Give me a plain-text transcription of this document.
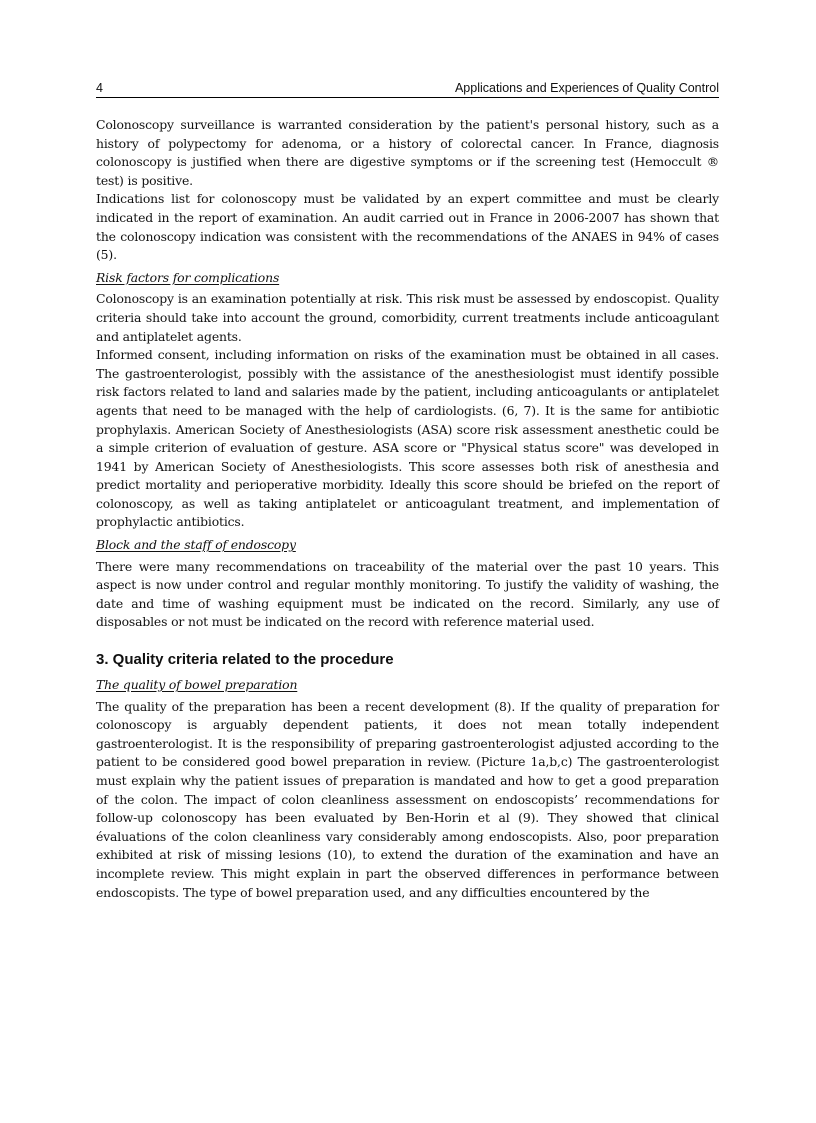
4	Applications and Experiences of Quality Control

Colonoscopy surveillance is warranted consideration by the patient's personal history, such as a history of polypectomy for adenoma, or a history of colorectal cancer. In France, diagnosis colonoscopy is justified when there are digestive symptoms or if the screening test (Hemoccult ® test) is positive.

Indications list for colonoscopy must be validated by an expert committee and must be clearly indicated in the report of examination. An audit carried out in France in 2006-2007 has shown that the colonoscopy indication was consistent with the recommendations of the ANAES in 94% of cases (5).

Risk factors for complications

Colonoscopy is an examination potentially at risk. This risk must be assessed by endoscopist. Quality criteria should take into account the ground, comorbidity, current treatments include anticoagulant and antiplatelet agents.

Informed consent, including information on risks of the examination must be obtained in all cases. The gastroenterologist, possibly with the assistance of the anesthesiologist must identify possible risk factors related to land and salaries made by the patient, including anticoagulants or antiplatelet agents that need to be managed with the help of cardiologists. (6, 7). It is the same for antibiotic prophylaxis. American Society of Anesthesiologists (ASA) score risk assessment anesthetic could be a simple criterion of evaluation of gesture. ASA score or "Physical status score" was developed in 1941 by American Society of Anesthesiologists. This score assesses both risk of anesthesia and predict mortality and perioperative morbidity. Ideally this score should be briefed on the report of colonoscopy, as well as taking antiplatelet or anticoagulant treatment, and implementation of prophylactic antibiotics.

Block and the staff of endoscopy

There were many recommendations on traceability of the material over the past 10 years. This aspect is now under control and regular monthly monitoring. To justify the validity of washing, the date and time of washing equipment must be indicated on the record. Similarly, any use of disposables or not must be indicated on the record with reference material used.

3. Quality criteria related to the procedure

The quality of bowel preparation

The quality of the preparation has been a recent development (8). If the quality of preparation for colonoscopy is arguably dependent patients, it does not mean totally independent gastroenterologist. It is the responsibility of preparing gastroenterologist adjusted according to the patient to be considered good bowel preparation in review. (Picture 1a,b,c) The gastroenterologist must explain why the patient issues of preparation is mandated and how to get a good preparation of the colon. The impact of colon cleanliness assessment on endoscopists’ recommendations for follow-up colonoscopy has been evaluated by Ben-Horin et al (9). They showed that clinical évaluations of the colon cleanliness vary considerably among endoscopists. Also, poor preparation exhibited at risk of missing lesions (10), to extend the duration of the examination and have an incomplete review. This might explain in part the observed differences in performance between endoscopists. The type of bowel preparation used, and any difficulties encountered by the
